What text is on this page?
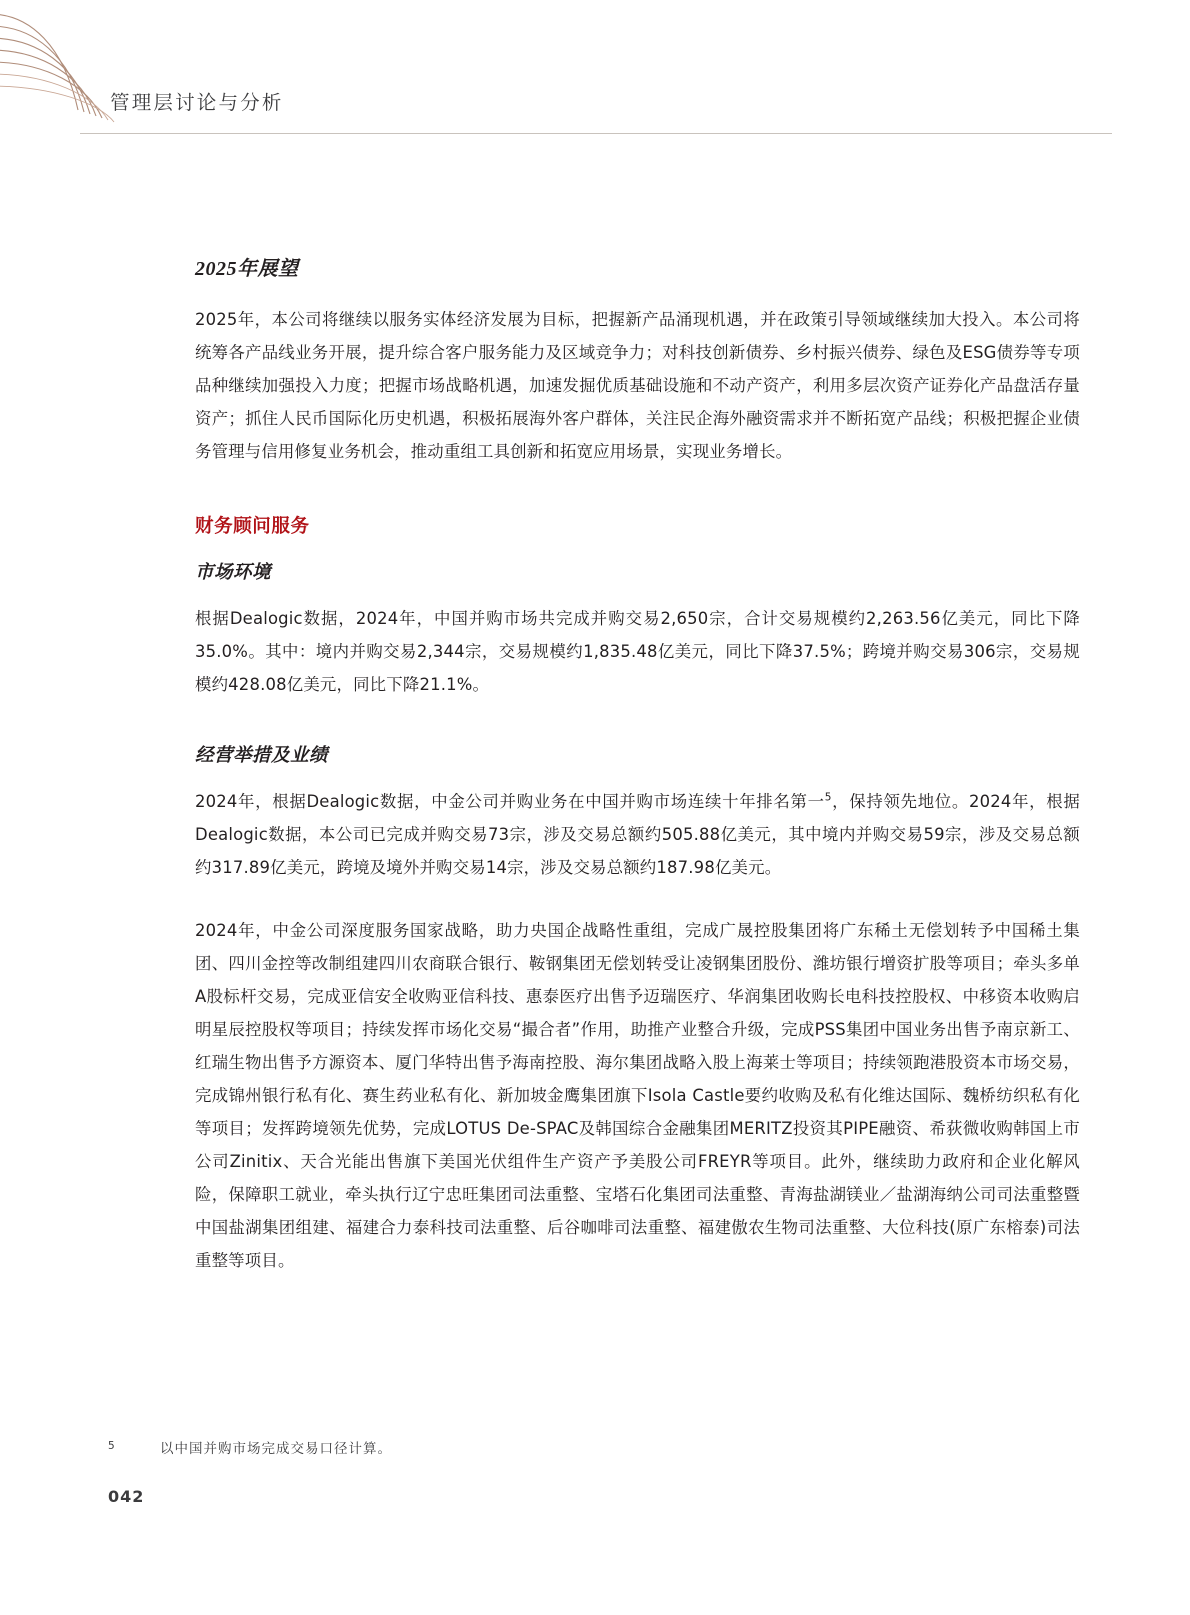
管理层讨论与分析
2025年展望

2025年，本公司将继续以服务实体经济发展为目标，把握新产品涌现机遇，并在政策引导领域继续加大投入。本公司将统筹各产品线业务开展，提升综合客户服务能力及区域竞争力；对科技创新债券、乡村振兴债券、绿色及ESG债券等专项品种继续加强投入力度；把握市场战略机遇，加速发掘优质基础设施和不动产资产，利用多层次资产证券化产品盘活存量资产；抓住人民币国际化历史机遇，积极拓展海外客户群体，关注民企海外融资需求并不断拓宽产品线；积极把握企业债务管理与信用修复业务机会，推动重组工具创新和拓宽应用场景，实现业务增长。

财务顾问服务
市场环境

根据Dealogic数据，2024年，中国并购市场共完成并购交易2,650宗，合计交易规模约2,263.56亿美元，同比下降35.0%。其中：境内并购交易2,344宗，交易规模约1,835.48亿美元，同比下降37.5%；跨境并购交易306宗，交易规模约428.08亿美元，同比下降21.1%。

经营举措及业绩

2024年，根据Dealogic数据，中金公司并购业务在中国并购市场连续十年排名第一$^5$，保持领先地位。2024年，根据Dealogic数据，本公司已完成并购交易73宗，涉及交易总额约505.88亿美元，其中境内并购交易59宗，涉及交易总额约317.89亿美元，跨境及境外并购交易14宗，涉及交易总额约187.98亿美元。

2024年，中金公司深度服务国家战略，助力央国企战略性重组，完成广晟控股集团将广东稀土无偿划转予中国稀土集团、四川金控等改制组建四川农商联合银行、鞍钢集团无偿划转受让凌钢集团股份、潍坊银行增资扩股等项目；牵头多单A股标杆交易，完成亚信安全收购亚信科技、惠泰医疗出售予迈瑞医疗、华润集团收购长电科技控股权、中移资本收购启明星辰控股权等项目；持续发挥市场化交易“撮合者”作用，助推产业整合升级，完成PSS集团中国业务出售予南京新工、红瑞生物出售予方源资本、厦门华特出售予海南控股、海尔集团战略入股上海莱士等项目；持续领跑港股资本市场交易，完成锦州银行私有化、赛生药业私有化、新加坡金鹰集团旗下Isola Castle要约收购及私有化维达国际、魏桥纺织私有化等项目；发挥跨境领先优势，完成LOTUS De-SPAC及韩国综合金融集团MERITZ投资其PIPE融资、希荻微收购韩国上市公司Zinitix、天合光能出售旗下美国光伏组件生产资产予美股公司FREYR等项目。此外，继续助力政府和企业化解风险，保障职工就业，牵头执行辽宁忠旺集团司法重整、宝塔石化集团司法重整、青海盐湖镁业／盐湖海纳公司司法重整暨中国盐湖集团组建、福建合力泰科技司法重整、后谷咖啡司法重整、福建傲农生物司法重整、大位科技(原广东榕泰)司法重整等项目。

5	以中国并购市场完成交易口径计算。
042
